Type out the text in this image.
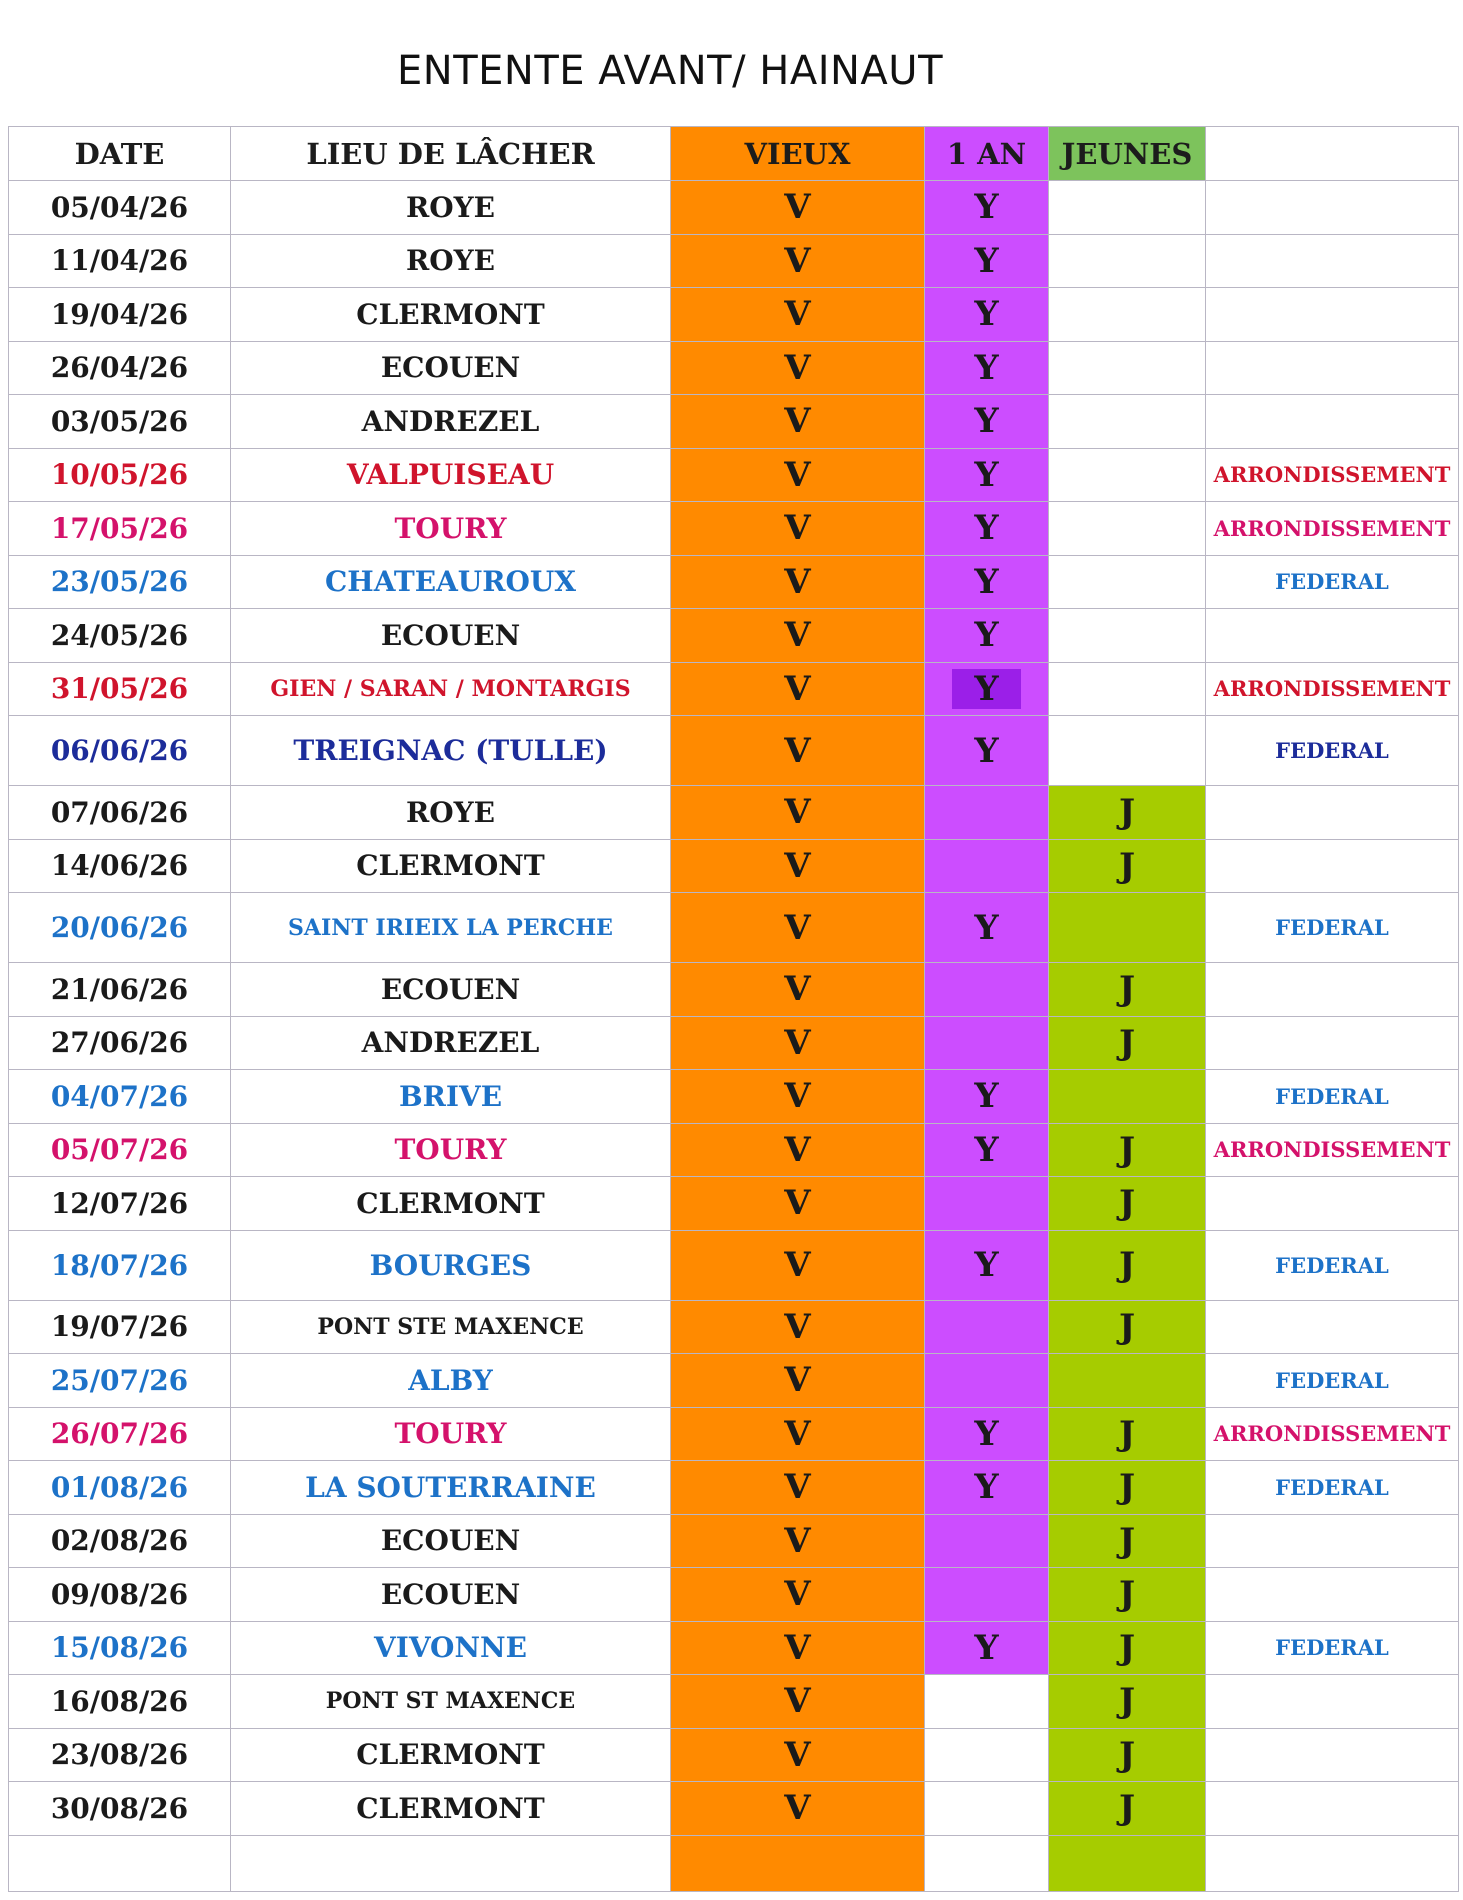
ENTENTE AVANT/ HAINAUT
DATE	LIEU DE LÂCHER	VIEUX	1 AN	JEUNES	
05/04/26	ROYE	V	Y		
11/04/26	ROYE	V	Y		
19/04/26	CLERMONT	V	Y		
26/04/26	ECOUEN	V	Y		
03/05/26	ANDREZEL	V	Y		
10/05/26	VALPUISEAU	V	Y		ARRONDISSEMENT
17/05/26	TOURY	V	Y		ARRONDISSEMENT
23/05/26	CHATEAUROUX	V	Y		FEDERAL
24/05/26	ECOUEN	V	Y		
31/05/26	GIEN / SARAN / MONTARGIS	V	Y		ARRONDISSEMENT
06/06/26	TREIGNAC (TULLE)	V	Y		FEDERAL
07/06/26	ROYE	V		J	
14/06/26	CLERMONT	V		J	
20/06/26	SAINT IRIEIX LA PERCHE	V	Y		FEDERAL
21/06/26	ECOUEN	V		J	
27/06/26	ANDREZEL	V		J	
04/07/26	BRIVE	V	Y		FEDERAL
05/07/26	TOURY	V	Y	J	ARRONDISSEMENT
12/07/26	CLERMONT	V		J	
18/07/26	BOURGES	V	Y	J	FEDERAL
19/07/26	PONT STE MAXENCE	V		J	
25/07/26	ALBY	V			FEDERAL
26/07/26	TOURY	V	Y	J	ARRONDISSEMENT
01/08/26	LA SOUTERRAINE	V	Y	J	FEDERAL
02/08/26	ECOUEN	V		J	
09/08/26	ECOUEN	V		J	
15/08/26	VIVONNE	V	Y	J	FEDERAL
16/08/26	PONT ST MAXENCE	V		J	
23/08/26	CLERMONT	V		J	
30/08/26	CLERMONT	V		J	
